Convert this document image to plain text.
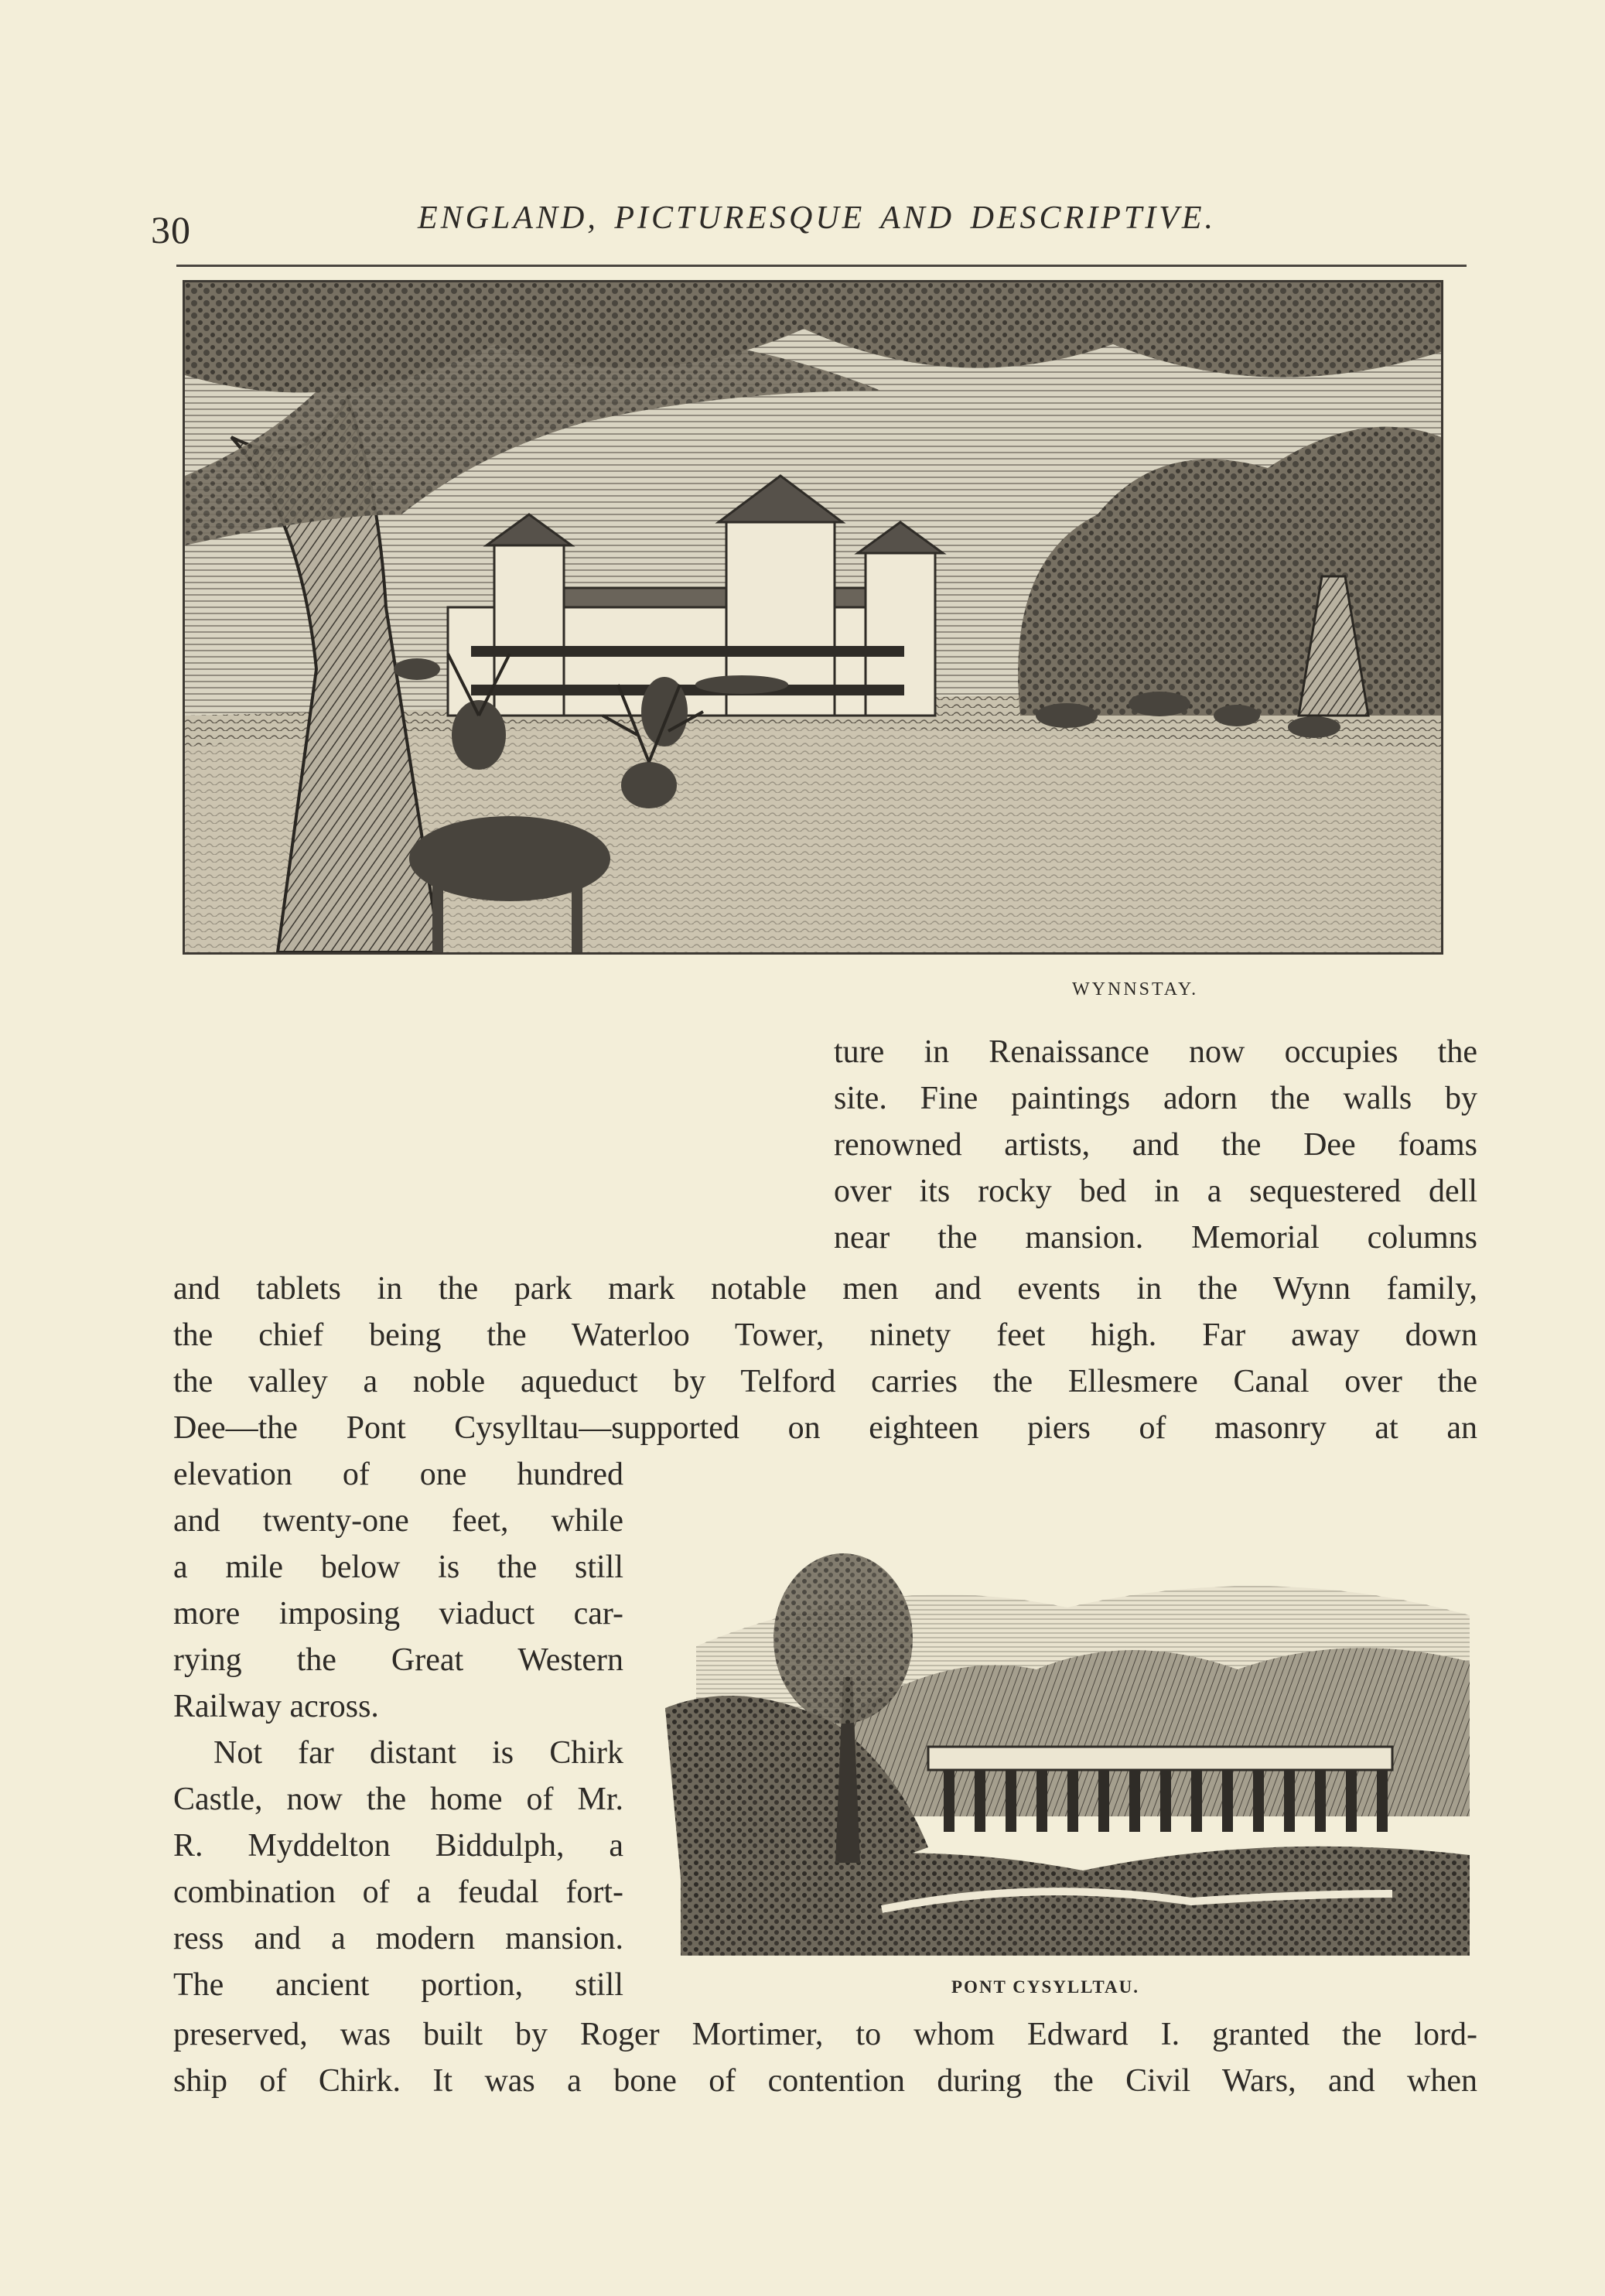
30	ENGLAND, PICTURESQUE AND DESCRIPTIVE.
WYNNSTAY.
ture in Renaissance now occupies the
site. Fine paintings adorn the walls by
renowned artists, and the Dee foams
over its rocky bed in a sequestered dell
near the mansion. Memorial columns
and tablets in the park mark notable men and events in the Wynn family,
the chief being the Waterloo Tower, ninety feet high. Far away down
the valley a noble aqueduct by Telford carries the Ellesmere Canal over the
Dee—the Pont Cysylltau—supported on eighteen piers of masonry at an
elevation of one hundred
and twenty-one feet, while
a mile below is the still
more imposing viaduct car-
rying the Great Western
Railway across.
Not far distant is Chirk
Castle, now the home of Mr.
R. Myddelton Biddulph, a
combination of a feudal fort-
ress and a modern mansion.
The ancient portion, still	PONT CYSYLLTAU.
preserved, was built by Roger Mortimer, to whom Edward I. granted the lord-
ship of Chirk. It was a bone of contention during the Civil Wars, and when
